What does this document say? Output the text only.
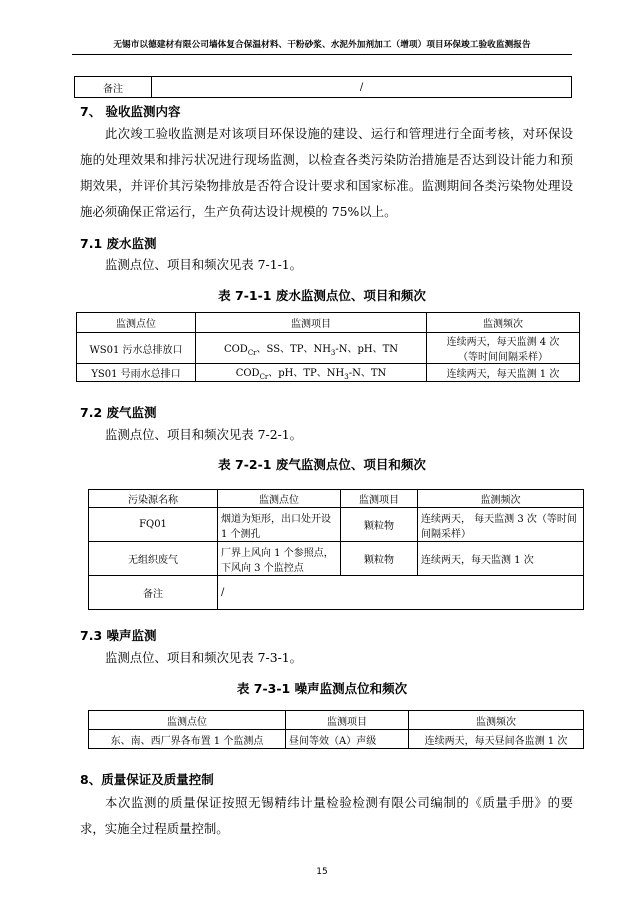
无锡市以德建材有限公司墙体复合保温材料、干粉砂浆、水泥外加剂加工（增项）项目环保竣工验收监测报告
备注	/
7、 验收监测内容
此次竣工验收监测是对该项目环保设施的建设、运行和管理进行全面考核，对环保设施的处理效果和排污状况进行现场监测，以检查各类污染防治措施是否达到设计能力和预期效果，并评价其污染物排放是否符合设计要求和国家标准。监测期间各类污染物处理设施必须确保正常运行，生产负荷达设计规模的 75%以上。
7.1 废水监测
监测点位、项目和频次见表 7-1-1。
表 7-1-1 废水监测点位、项目和频次
监测点位	监测项目	监测频次
WS01 污水总排放口	$COD_{Cr}$、SS、TP、$NH_3-N$、pH、TN	连续两天，每天监测 4 次
（等时间间隔采样）

YS01 号雨水总排口	$COD_{Cr}$、pH、TP、$NH_3-N$、TN	连续两天，每天监测 1 次
7.2 废气监测
监测点位、项目和频次见表 7-2-1。
表 7-2-1 废气监测点位、项目和频次
污染源名称	监测点位	监测项目	监测频次
FQ01	烟道为矩形，出口处开设 1 个测孔	颗粒物	连续两天， 每天监测 3 次（等时间间隔采样）
无组织废气	厂界上风向 1 个参照点，下风向 3 个监控点	颗粒物	连续两天，每天监测 1 次
备注	/		
7.3 噪声监测
监测点位、项目和频次见表 7-3-1。
表 7-3-1 噪声监测点位和频次
监测点位	监测项目	监测频次
东、南、西厂界各布置 1 个监测点	昼间等效（A）声级	连续两天，每天昼间各监测 1 次
8、质量保证及质量控制
本次监测的质量保证按照无锡精纬计量检验检测有限公司编制的《质量手册》的要求，实施全过程质量控制。
15
